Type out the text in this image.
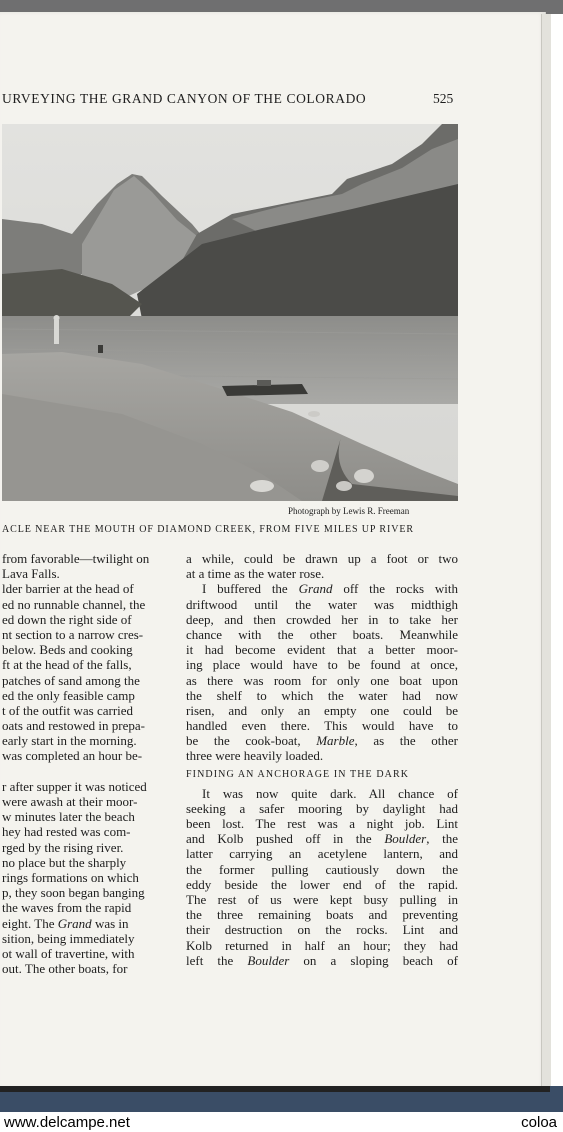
URVEYING THE GRAND CANYON OF THE COLORADO	525
Photograph by Lewis R. Freeman
ACLE NEAR THE MOUTH OF DIAMOND CREEK, FROM FIVE MILES UP RIVER
from favorable—twilight on
Lava Falls.
lder barrier at the head of
ed no runnable channel, the
ed down the right side of
nt section to a narrow cres-
below. Beds and cooking
ft at the head of the falls,
patches of sand among the
ed the only feasible camp
t of the outfit was carried
oats and restowed in prepa-
early start in the morning.
was completed an hour be-
r after supper it was noticed
were awash at their moor-
w minutes later the beach
hey had rested was com-
rged by the rising river.
no place but the sharply
rings formations on which
p, they soon began banging
the waves from the rapid
eight. The Grand was in
sition, being immediately
ot wall of travertine, with
out. The other boats, for
a while, could be drawn up a foot or two
at a time as the water rose.
I buffered the Grand off the rocks with
driftwood until the water was midthigh
deep, and then crowded her in to take her
chance with the other boats. Meanwhile
it had become evident that a better moor-
ing place would have to be found at once,
as there was room for only one boat upon
the shelf to which the water had now
risen, and only an empty one could be
handled even there. This would have to
be the cook-boat, Marble, as the other
three were heavily loaded.
FINDING AN ANCHORAGE IN THE DARK
It was now quite dark. All chance of
seeking a safer mooring by daylight had
been lost. The rest was a night job. Lint
and Kolb pushed off in the Boulder, the
latter carrying an acetylene lantern, and
the former pulling cautiously down the
eddy beside the lower end of the rapid.
The rest of us were kept busy pulling in
the three remaining boats and preventing
their destruction on the rocks. Lint and
Kolb returned in half an hour; they had
left the Boulder on a sloping beach of
www.delcampe.net	coloa
